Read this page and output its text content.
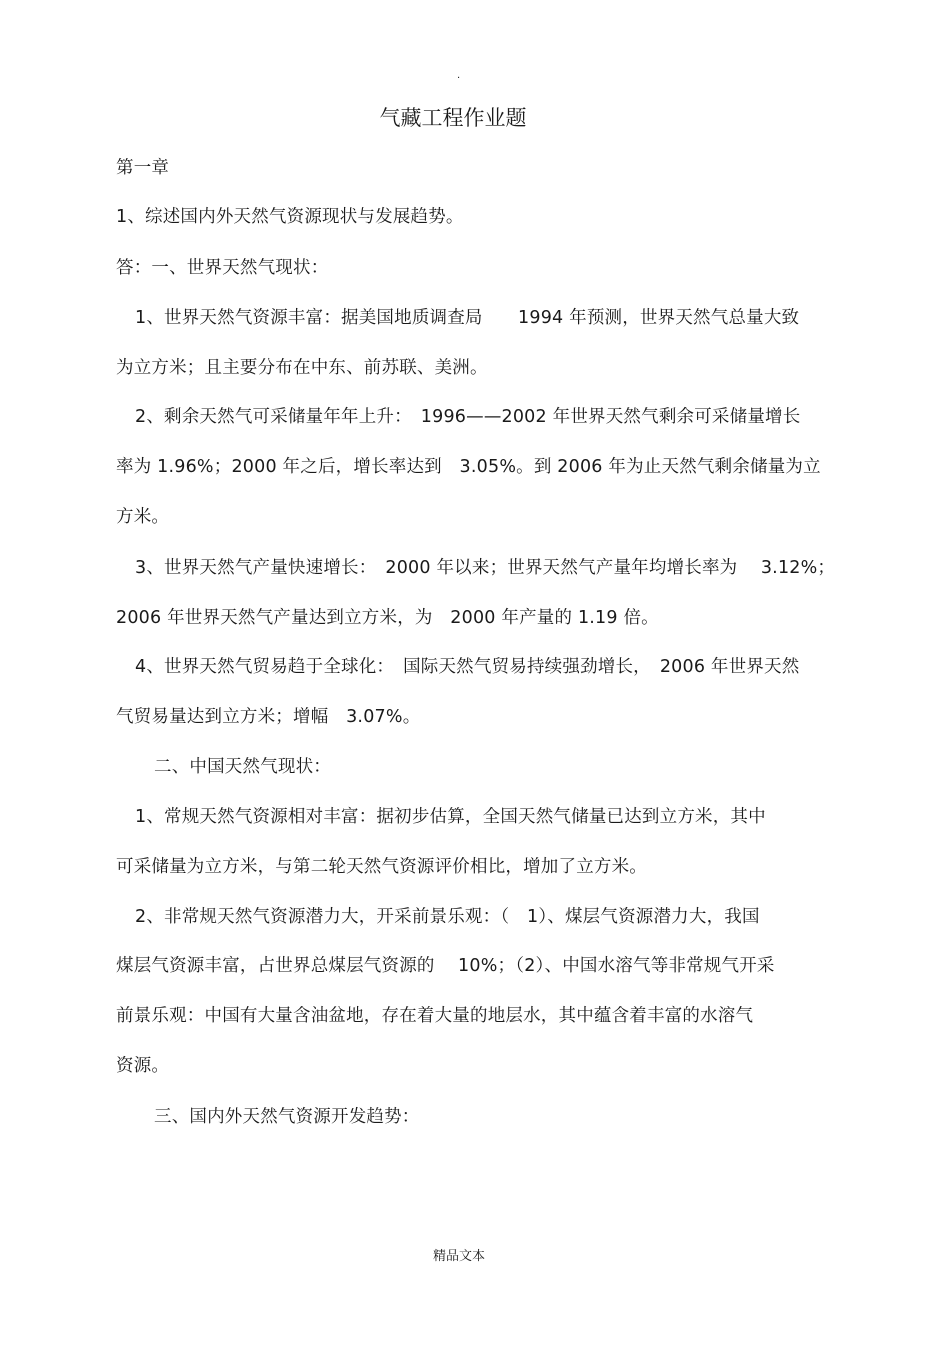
.
气藏工程作业题
第一章
1、综述国内外天然气资源现状与发展趋势。
答：一、世界天然气现状：
1、世界天然气资源丰富：据美国地质调查局　　1994 年预测，世界天然气总量大致
为立方米；且主要分布在中东、前苏联、美洲。
2、剩余天然气可采储量年年上升：　1996——2002 年世界天然气剩余可采储量增长
率为 1.96%；2000 年之后，增长率达到　3.05%。到 2006 年为止天然气剩余储量为立
方米。
3、世界天然气产量快速增长：　2000 年以来；世界天然气产量年均增长率为　 3.12%；
2006 年世界天然气产量达到立方米，为　2000 年产量的 1.19 倍。
4、世界天然气贸易趋于全球化：　国际天然气贸易持续强劲增长，　2006 年世界天然
气贸易量达到立方米；增幅　3.07%。
二、中国天然气现状：
1、常规天然气资源相对丰富：据初步估算，全国天然气储量已达到立方米，其中
可采储量为立方米，与第二轮天然气资源评价相比，增加了立方米。
2、非常规天然气资源潜力大，开采前景乐观：（　1）、煤层气资源潜力大，我国
煤层气资源丰富，占世界总煤层气资源的　 10%；（2）、中国水溶气等非常规气开采
前景乐观：中国有大量含油盆地，存在着大量的地层水，其中蕴含着丰富的水溶气
资源。
三、国内外天然气资源开发趋势：
精品文本
